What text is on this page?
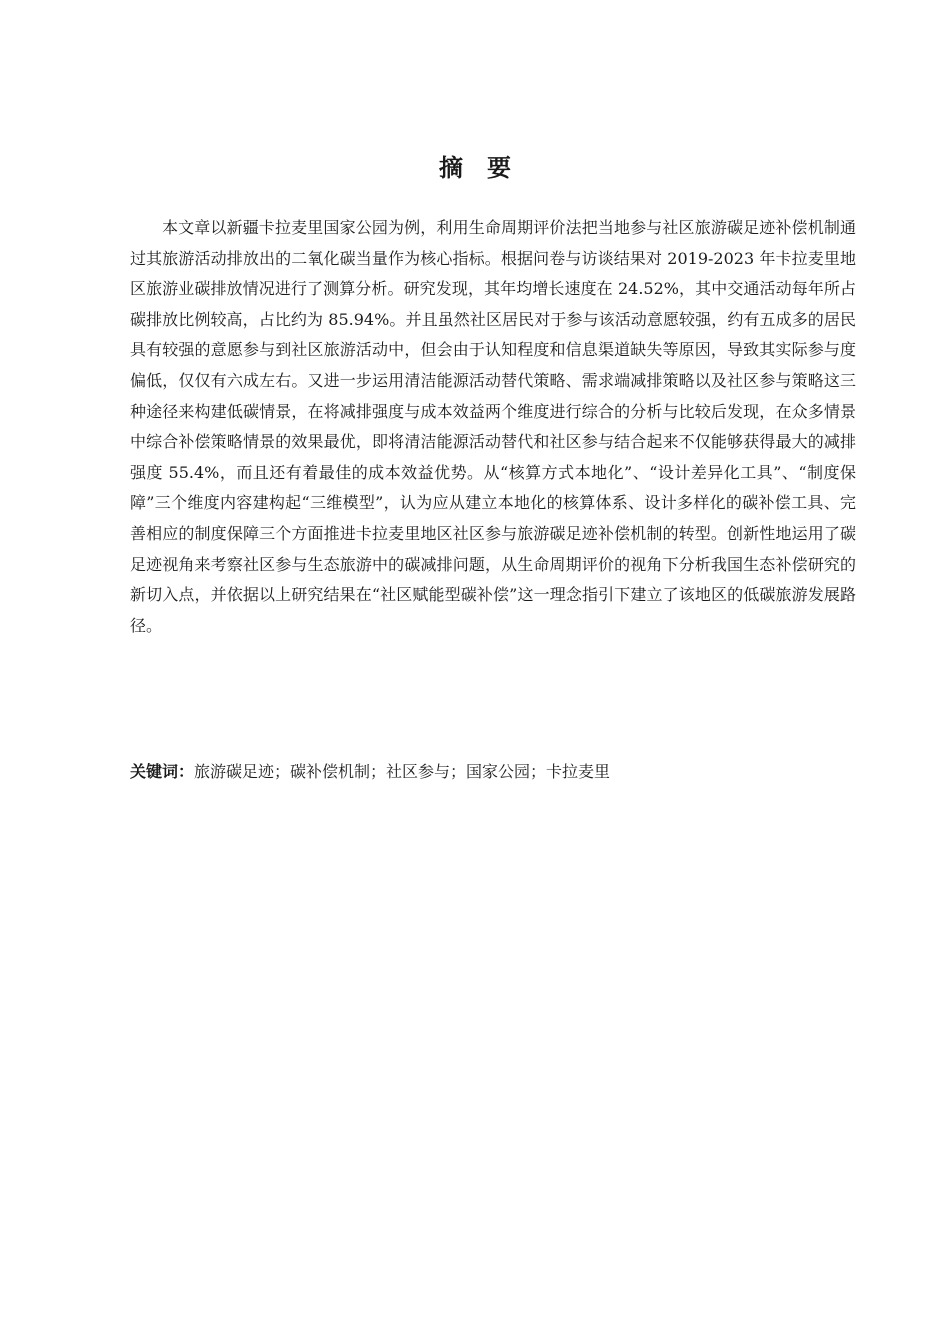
摘 要

本文章以新疆卡拉麦里国家公园为例，利用生命周期评价法把当地参与社区旅游碳足迹补偿机制通过其旅游活动排放出的二氧化碳当量作为核心指标。根据问卷与访谈结果对 2019-2023 年卡拉麦里地区旅游业碳排放情况进行了测算分析。研究发现，其年均增长速度在 24.52%，其中交通活动每年所占碳排放比例较高，占比约为 85.94%。并且虽然社区居民对于参与该活动意愿较强，约有五成多的居民具有较强的意愿参与到社区旅游活动中，但会由于认知程度和信息渠道缺失等原因，导致其实际参与度偏低，仅仅有六成左右。又进一步运用清洁能源活动替代策略、需求端减排策略以及社区参与策略这三种途径来构建低碳情景，在将减排强度与成本效益两个维度进行综合的分析与比较后发现，在众多情景中综合补偿策略情景的效果最优，即将清洁能源活动替代和社区参与结合起来不仅能够获得最大的减排强度 55.4%，而且还有着最佳的成本效益优势。从“核算方式本地化”、“设计差异化工具”、“制度保障”三个维度内容建构起“三维模型”，认为应从建立本地化的核算体系、设计多样化的碳补偿工具、完善相应的制度保障三个方面推进卡拉麦里地区社区参与旅游碳足迹补偿机制的转型。创新性地运用了碳足迹视角来考察社区参与生态旅游中的碳减排问题，从生命周期评价的视角下分析我国生态补偿研究的新切入点，并依据以上研究结果在“社区赋能型碳补偿”这一理念指引下建立了该地区的低碳旅游发展路径。

关键词：旅游碳足迹；碳补偿机制；社区参与；国家公园；卡拉麦里
